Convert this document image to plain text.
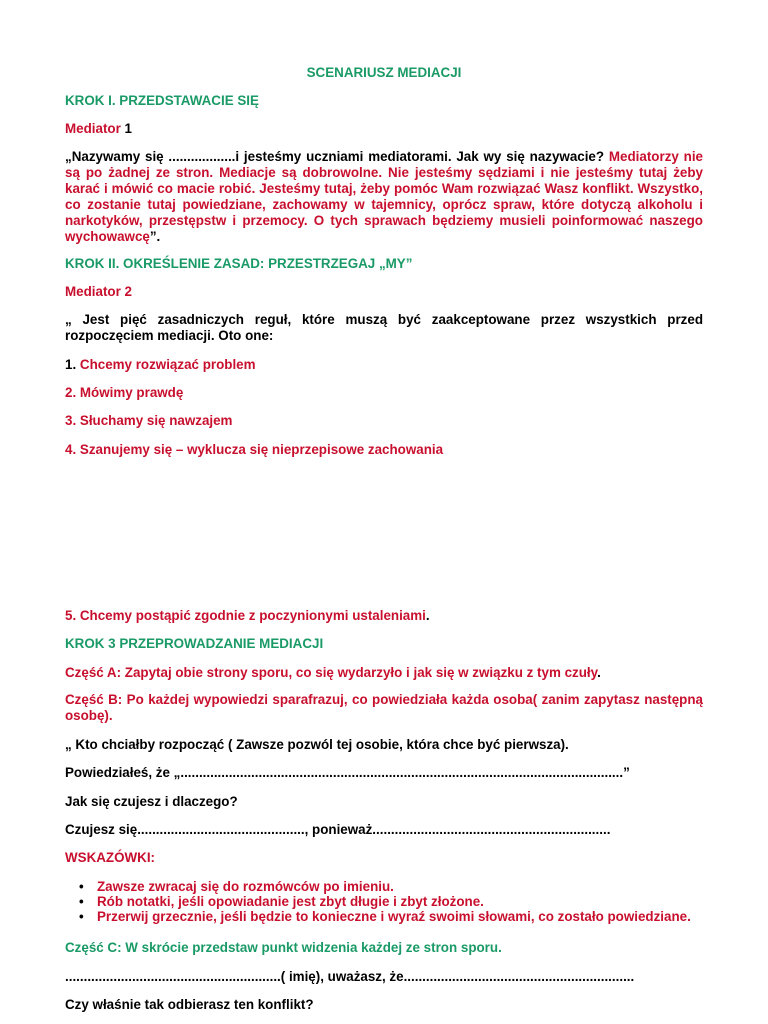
SCENARIUSZ MEDIACJI
KROK I. PRZEDSTAWACIE SIĘ
Mediator 1
„Nazywamy się ..................i jesteśmy uczniami mediatorami. Jak wy się nazywacie? Mediatorzy nie są po żadnej ze stron. Mediacje są dobrowolne. Nie jesteśmy sędziami i nie jesteśmy tutaj żeby karać i mówić co macie robić. Jesteśmy tutaj, żeby pomóc Wam rozwiązać Wasz konflikt. Wszystko, co zostanie tutaj powiedziane, zachowamy w tajemnicy, oprócz spraw, które dotyczą alkoholu i narkotyków, przestępstw i przemocy. O tych sprawach będziemy musieli poinformować naszego wychowawcę”.
KROK II. OKREŚLENIE ZASAD: PRZESTRZEGAJ „MY”
Mediator 2
„ Jest pięć zasadniczych reguł, które muszą być zaakceptowane przez wszystkich przed rozpoczęciem mediacji. Oto one:
1. Chcemy rozwiązać problem
2. Mówimy prawdę
3. Słuchamy się nawzajem
4. Szanujemy się – wyklucza się nieprzepisowe zachowania
5. Chcemy postąpić zgodnie z poczynionymi ustaleniami.
KROK 3 PRZEPROWADZANIE MEDIACJI
Część A: Zapytaj obie strony sporu, co się wydarzyło i jak się w związku z tym czuły.
Część B: Po każdej wypowiedzi sparafrazuj, co powiedziała każda osoba( zanim zapytasz następną osobę).
„ Kto chciałby rozpocząć ( Zawsze pozwól tej osobie, która chce być pierwsza).
Powiedziałeś, że „.......................................................................................................................”
Jak się czujesz i dlaczego?
Czujesz się............................................., ponieważ................................................................
WSKAZÓWKI:
• Zawsze zwracaj się do rozmówców po imieniu.
• Rób notatki, jeśli opowiadanie jest zbyt długie i zbyt złożone.
• Przerwij grzecznie, jeśli będzie to konieczne i wyraź swoimi słowami, co zostało powiedziane.
Część C: W skrócie przedstaw punkt widzenia każdej ze stron sporu.
..........................................................( imię), uważasz, że..............................................................
Czy właśnie tak odbierasz ten konflikt?
